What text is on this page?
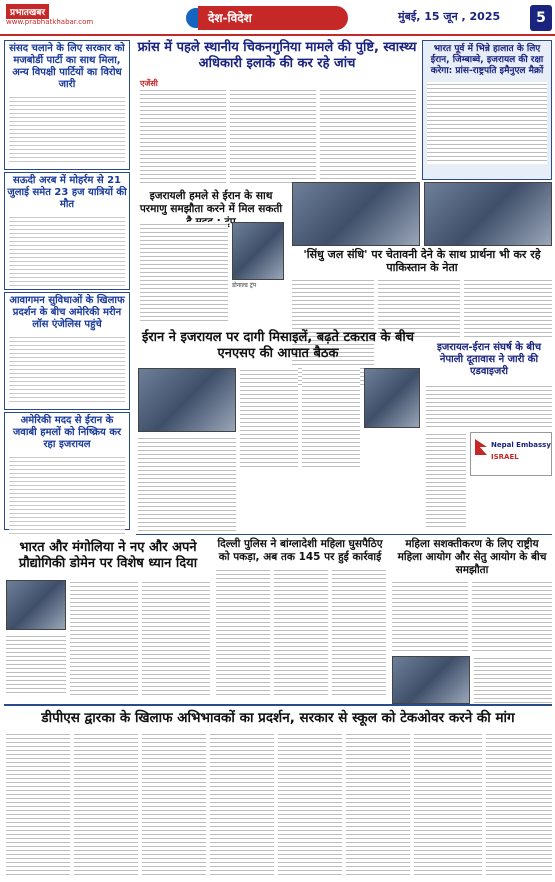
प्रभातखबर
www.prabhatkhabar.com	देश-विदेश	मुंबई, 15 जून , 2025	5
संसद चलाने के लिए सरकार को मजबोर्डी पार्टी का साथ मिला, अन्य विपक्षी पार्टियों का विरोध जारी
सऊदी अरब में मोहर्रम से 21 जुलाई समेत 23 हज यात्रियों की मौत
आवागमन सुविधाओं के खिलाफ प्रदर्शन के बीच अमेरिकी मरीन लॉस एंजेलिस पहुंचे
अमेरिकी मदद से ईरान के जवाबी हमलों को निष्क्रिय कर रहा इजरायल
फ्रांस में पहले स्थानीय चिकनगुनिया मामले की पुष्टि, स्वास्थ्य अधिकारी इलाके की कर रहे जांच
एजेंसी
भारत पूर्व में भिन्ने हालात के लिए ईरान, जिम्बाब्वे, इजरायल की रक्षा करेगा: प्रांस-राष्ट्रपति इमैनुएल मैक्रों
इजरायली हमले से ईरान के साथ परमाणु समझौता करने में मिल सकती ट्रंप
डोनाल्ड ट्रंप
'सिंधु जल संधि' पर चेतावनी देने के साथ प्रार्थना भी कर रहे पाकिस्तान के नेता
ईरान ने इजरायल पर दागी मिसाइलें, बढ़ते टकराव के बीच एनएसए की आपात बैठक	इजरायल-ईरान संघर्ष के बीच नेपाली दूतावास ने जारी की एडवाइजरी
Nepal Embassy
ISRAEL
दिल्ली पुलिस ने बांग्लादेशी महिला घुसपैठिए को पकड़ा, अब तक 145 पर हुई कार्रवाई
भारत और मंगोलिया ने नए और अपने प्रौद्योगिकी डोमेन पर विशेष ध्यान दिया
महिला सशक्तीकरण के लिए राष्ट्रीय महिला आयोग और सेतु आयोग के बीच समझौता
डीपीएस द्वारका के खिलाफ अभिभावकों का प्रदर्शन, सरकार से स्कूल को टेकओवर करने की मांग
